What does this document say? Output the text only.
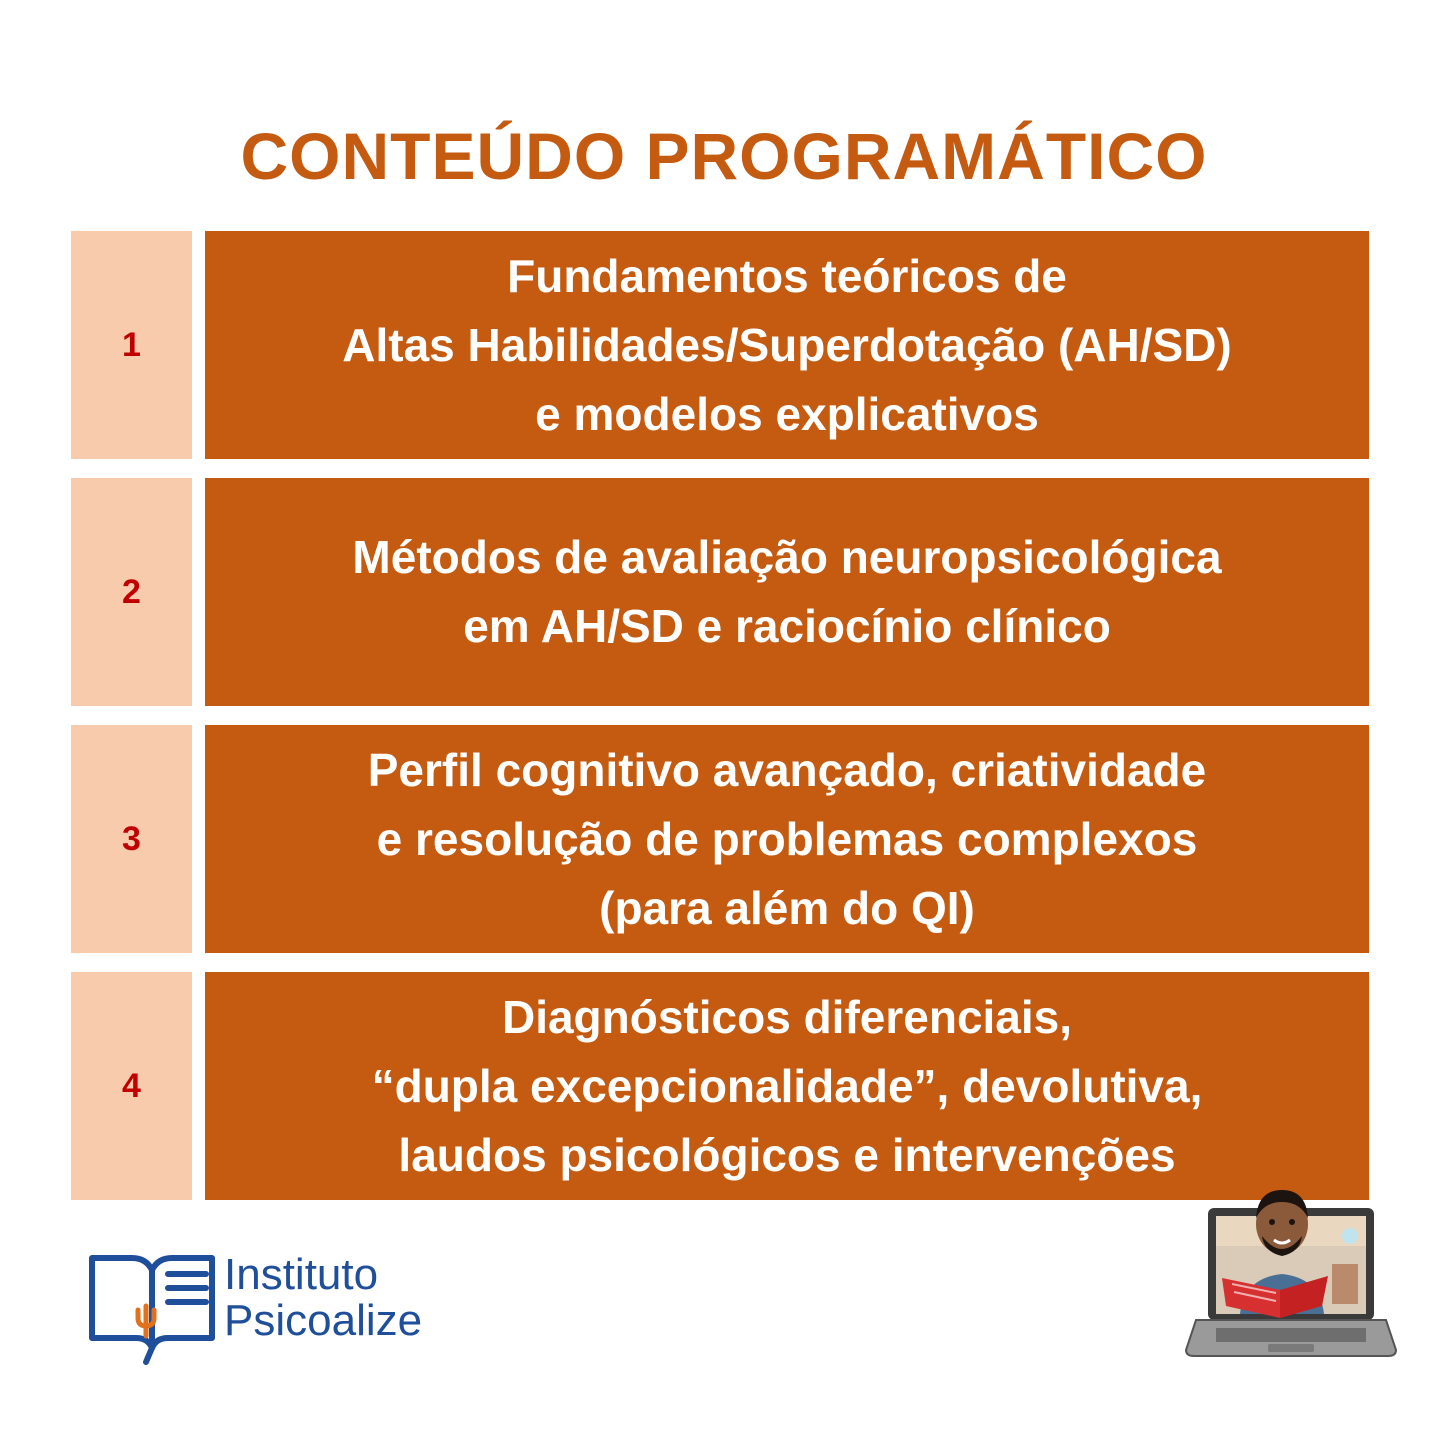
CONTEÚDO PROGRAMÁTICO
1
Fundamentos teóricos de
Altas Habilidades/Superdotação (AH/SD)
e modelos explicativos
2
Métodos de avaliação neuropsicológica
em AH/SD e raciocínio clínico
3
Perfil cognitivo avançado, criatividade
e resolução de problemas complexos
(para além do QI)
4
Diagnósticos diferenciais,
“dupla excepcionalidade”, devolutiva,
laudos psicológicos e intervenções
Instituto
Psicoalize
